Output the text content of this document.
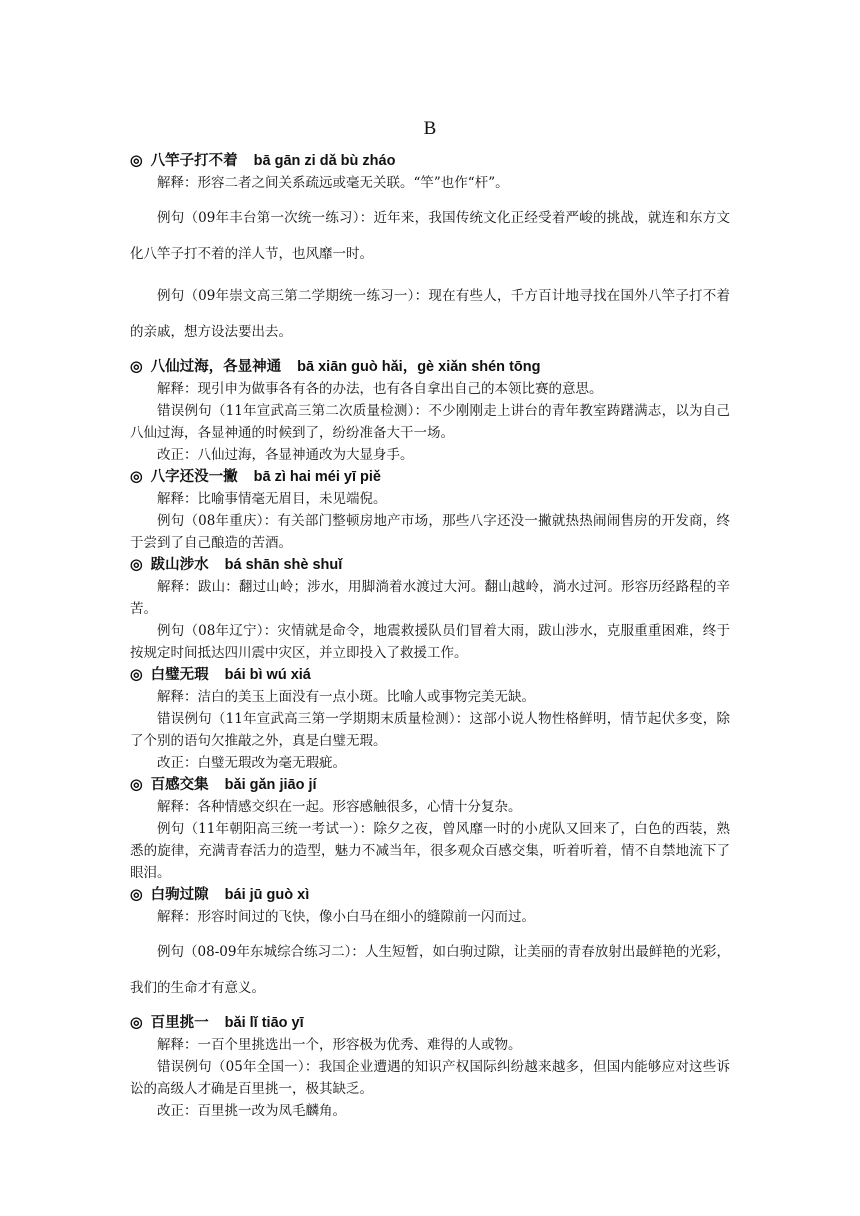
B
◎ 八竿子打不着 bā gān zi dǎ bù zháo

解释：形容二者之间关系疏远或毫无关联。“竿”也作“杆”。

例句（09年丰台第一次统一练习）：近年来，我国传统文化正经受着严峻的挑战，就连和东方文化八竿子打不着的洋人节，也风靡一时。

例句（09年崇文高三第二学期统一练习一）：现在有些人，千方百计地寻找在国外八竿子打不着的亲戚，想方设法要出去。

◎ 八仙过海，各显神通 bā xiān guò hǎi，gè xiǎn shén tōng

解释：现引申为做事各有各的办法，也有各自拿出自己的本领比赛的意思。

错误例句（11年宣武高三第二次质量检测）：不少刚刚走上讲台的青年教室踌躇满志，以为自己八仙过海，各显神通的时候到了，纷纷准备大干一场。

改正：八仙过海，各显神通改为大显身手。

◎ 八字还没一撇 bā zì hai méi yī piě

解释：比喻事情毫无眉目，未见端倪。

例句（08年重庆）：有关部门整顿房地产市场，那些八字还没一撇就热热闹闹售房的开发商，终于尝到了自己酿造的苦酒。

◎ 跋山涉水 bá shān shè shuǐ

解释：跋山：翻过山岭；涉水，用脚淌着水渡过大河。翻山越岭，淌水过河。形容历经路程的辛苦。

例句（08年辽宁）：灾情就是命令，地震救援队员们冒着大雨，跋山涉水，克服重重困难，终于按规定时间抵达四川震中灾区，并立即投入了救援工作。

◎ 白璧无瑕 bái bì wú xiá

解释：洁白的美玉上面没有一点小斑。比喻人或事物完美无缺。

错误例句（11年宣武高三第一学期期末质量检测）：这部小说人物性格鲜明，情节起伏多变，除了个别的语句欠推敲之外，真是白璧无瑕。

改正：白璧无瑕改为毫无瑕疵。

◎ 百感交集 bǎi gǎn jiāo jí

解释：各种情感交织在一起。形容感触很多，心情十分复杂。

例句（11年朝阳高三统一考试一）：除夕之夜，曾风靡一时的小虎队又回来了，白色的西装，熟悉的旋律，充满青春活力的造型，魅力不减当年，很多观众百感交集，听着听着，情不自禁地流下了眼泪。

◎ 白驹过隙 bái jū guò xì

解释：形容时间过的飞快，像小白马在细小的缝隙前一闪而过。

例句（08-09年东城综合练习二）：人生短暂，如白驹过隙，让美丽的青春放射出最鲜艳的光彩，我们的生命才有意义。

◎ 百里挑一 bǎi lǐ tiāo yī

解释：一百个里挑选出一个，形容极为优秀、难得的人或物。

错误例句（05年全国一）：我国企业遭遇的知识产权国际纠纷越来越多，但国内能够应对这些诉讼的高级人才确是百里挑一，极其缺乏。

改正：百里挑一改为凤毛麟角。
